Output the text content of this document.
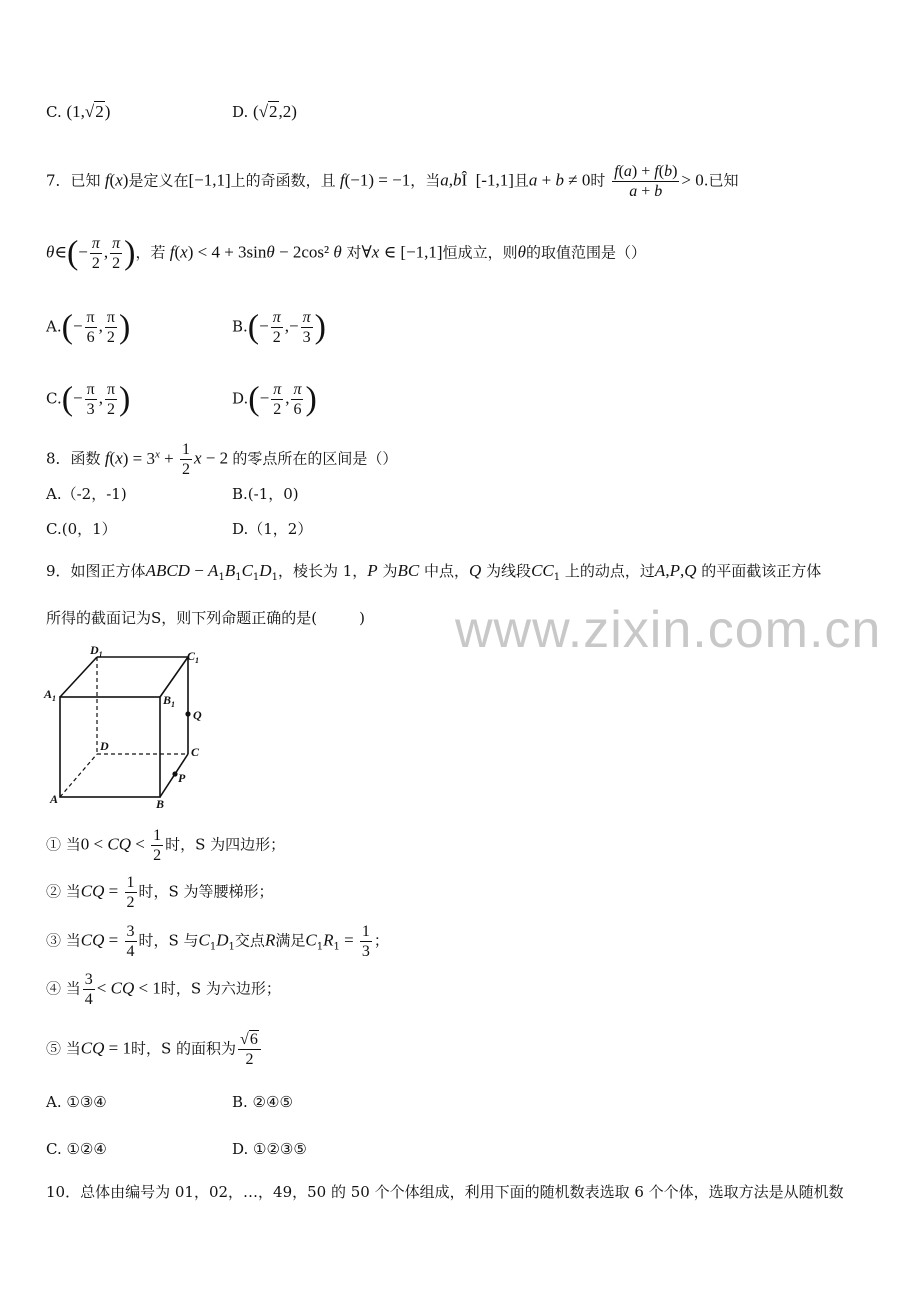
www.zixin.com.cn
C. (1,√2)	D. (√2,2)
7．已知 f(x)是定义在[−1,1]上的奇函数，且 f(−1) = −1，当a,bÎ  [-1,1]且a + b ≠ 0时 $\frac{f(a) + f(b)}{a + b} > 0$.已知
θ∈(− $\frac{\pi}{2}$ , $\frac{\pi}{2}$ )，若 f(x) < 4 + 3sinθ − 2cos² θ 对∀x ∈ [−1,1]恒成立，则θ的取值范围是（）
$A.(- \frac{\pi}{6}$ , $\frac{\pi}{2}$ )	$B.(- \frac{\pi}{2}$ ,− $\frac{\pi}{3}$ )
$C.(- \frac{\pi}{3}$ , $\frac{\pi}{2}$ )	$D.(- \frac{\pi}{2}$ , $\frac{\pi}{6}$ )
8．函数 $f(x) = 3^x + \frac{1}{2}$ x − 2 的零点所在的区间是（）
A.（-2，-1)	B.(-1，0)
C.(0，1）	D.（1，2）
9．如图正方体ABCD − $A_1B_1C_1D_1$，棱长为 1，P 为BC 中点，Q 为线段$CC_1$ 上的动点，过A,P,Q 的平面截该正方体
所得的截面记为S，则下列命题正确的是(	)
$D_1$	$C_1$
$A_1$	$B_1$
Q
D	C
A	B
P
① 当0 < CQ < $\frac{1}{2}$ 时，S 为四边形；
② 当CQ = $\frac{1}{2}$ 时，S 为等腰梯形；
③ 当CQ = $\frac{3}{4}$ 时，S 与$C_1D_1$交点R满足$C_1R_1 = \frac{1}{3}$ ；
④ 当 $\frac{3}{4}$ < CQ < 1时，S 为六边形；
⑤ 当CQ = 1时，S 的面积为 $\frac{√6}{2}$
A. ①③④	B. ②④⑤
C. ①②④	D. ①②③⑤
10．总体由编号为 01，02，…，49，50 的 50 个个体组成，利用下面的随机数表选取 6 个个体，选取方法是从随机数
